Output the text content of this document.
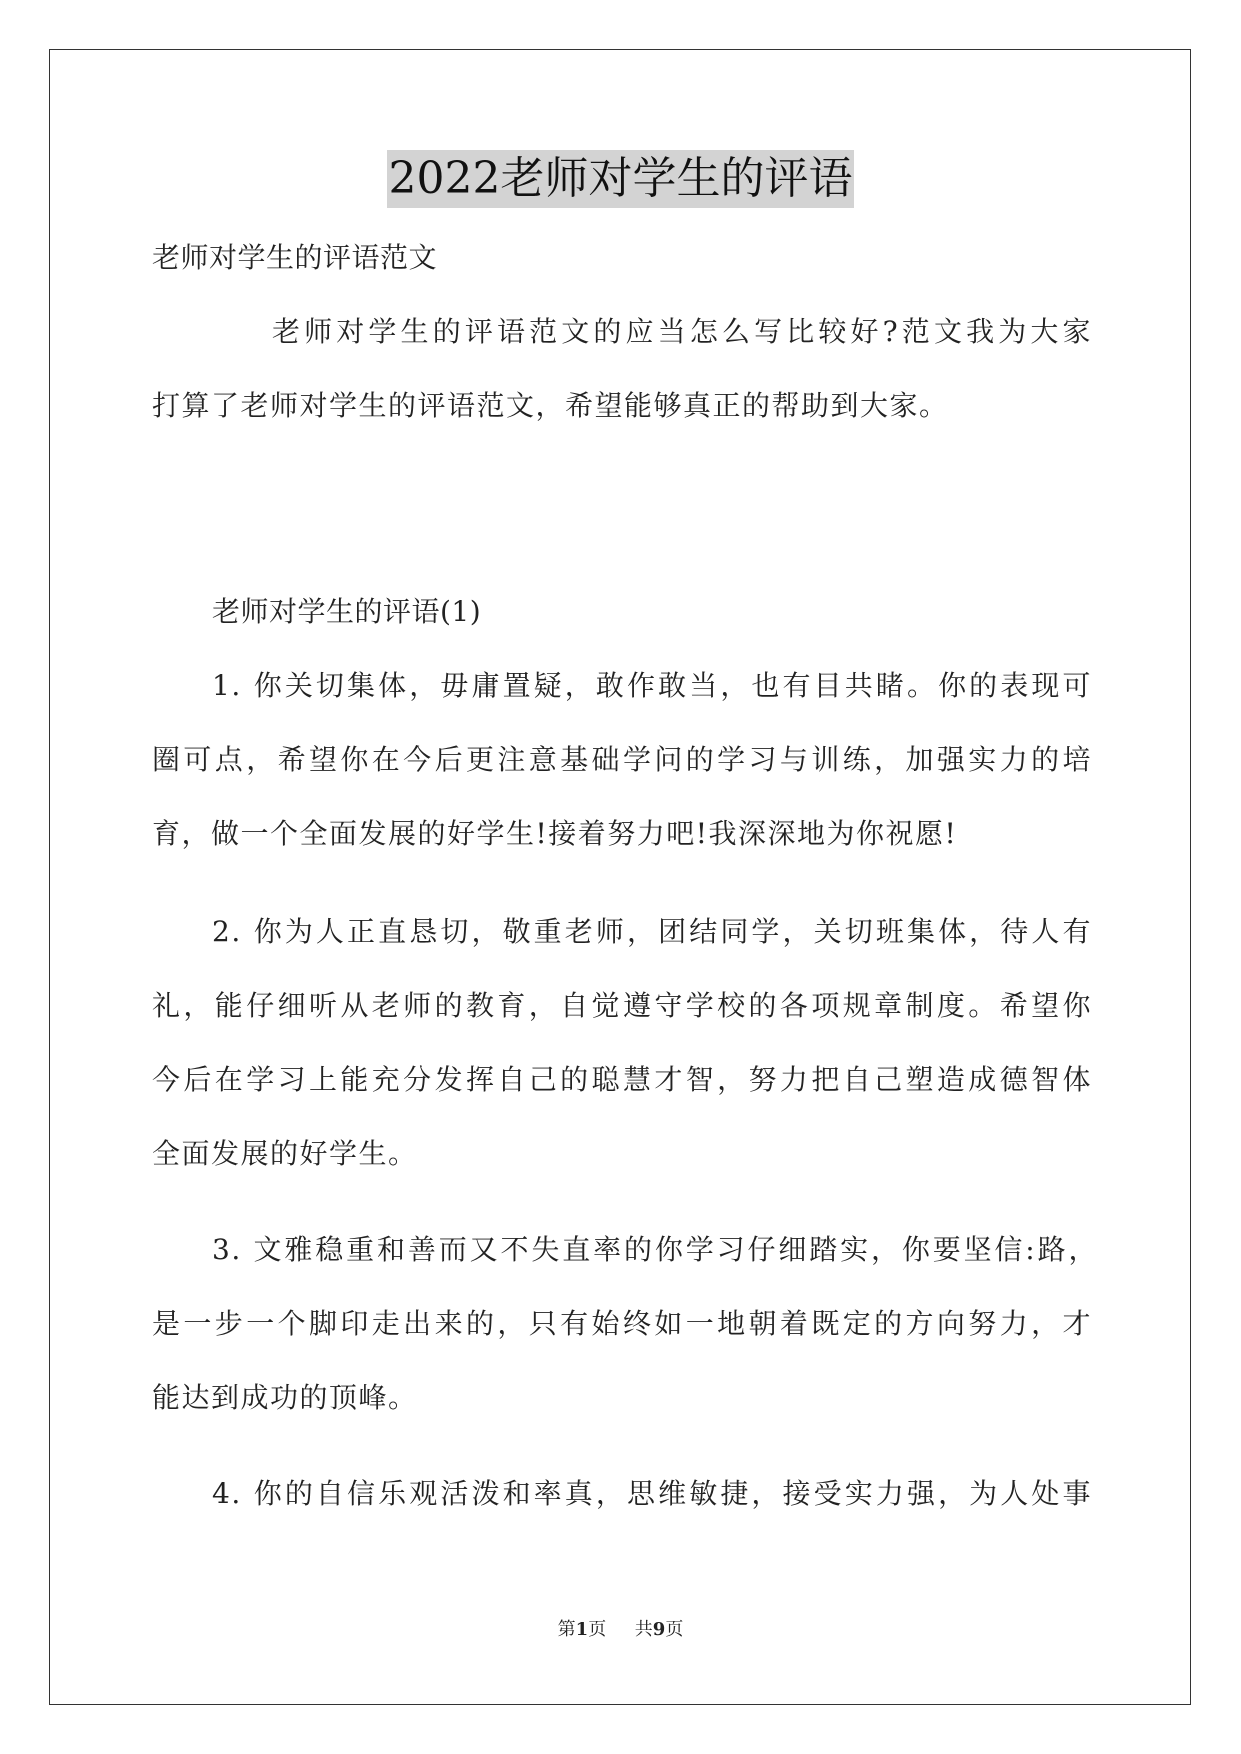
2022老师对学生的评语
老师对学生的评语范文
老师对学生的评语范文的应当怎么写比较好?范文我为大家
打算了老师对学生的评语范文，希望能够真正的帮助到大家。
老师对学生的评语(1)
1. 你关切集体，毋庸置疑，敢作敢当，也有目共睹。你的表现可
圈可点，希望你在今后更注意基础学问的学习与训练，加强实力的培
育，做一个全面发展的好学生!接着努力吧!我深深地为你祝愿!
2. 你为人正直恳切，敬重老师，团结同学，关切班集体，待人有
礼，能仔细听从老师的教育，自觉遵守学校的各项规章制度。希望你
今后在学习上能充分发挥自己的聪慧才智，努力把自己塑造成德智体
全面发展的好学生。
3. 文雅稳重和善而又不失直率的你学习仔细踏实，你要坚信:路，
是一步一个脚印走出来的，只有始终如一地朝着既定的方向努力，才
能达到成功的顶峰。
4. 你的自信乐观活泼和率真，思维敏捷，接受实力强，为人处事
第1页 共9页
